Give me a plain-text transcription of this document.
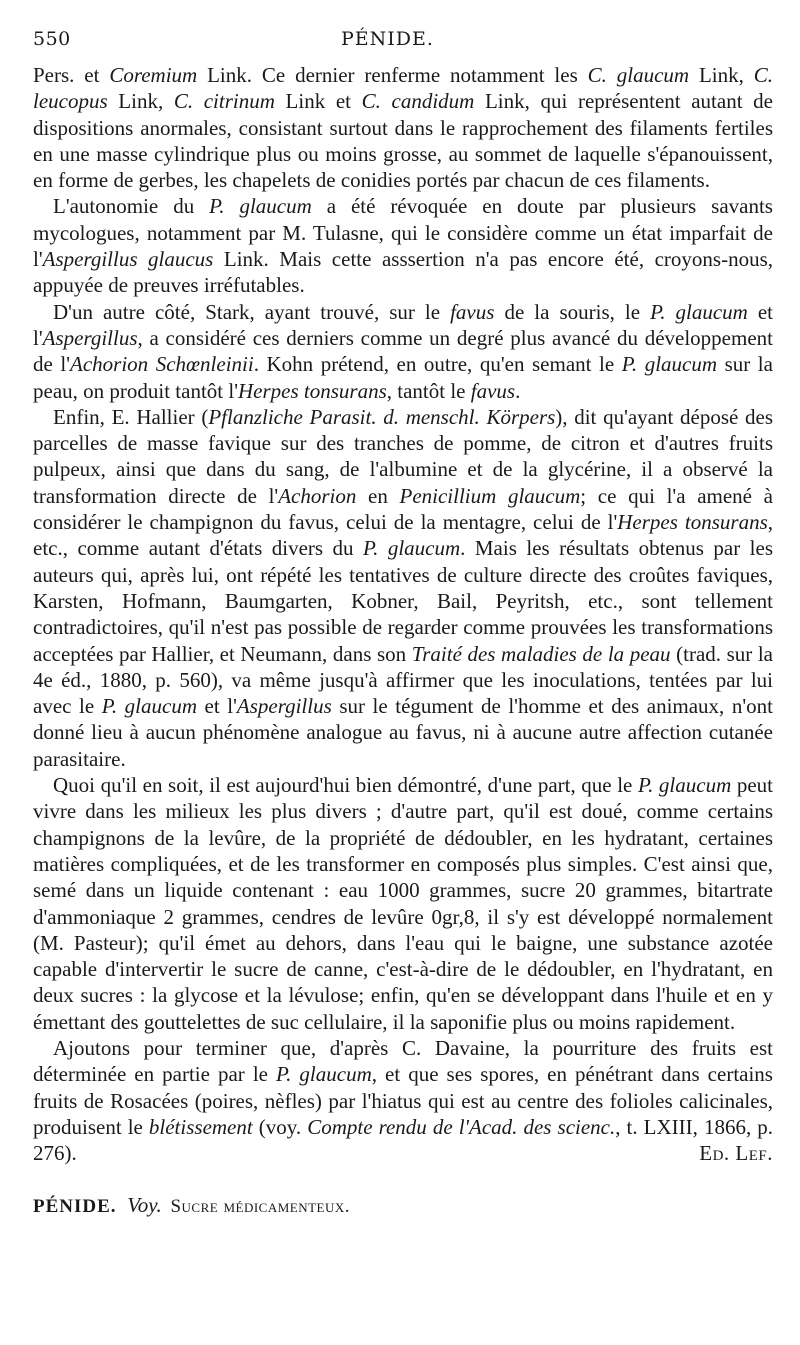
550	PÉNIDE.

Pers. et Coremium Link. Ce dernier renferme notamment les C. glaucum Link, C. leucopus Link, C. citrinum Link et C. candidum Link, qui représentent autant de dispositions anormales, consistant surtout dans le rapprochement des filaments fertiles en une masse cylindrique plus ou moins grosse, au sommet de laquelle s'épanouissent, en forme de gerbes, les chapelets de conidies portés par chacun de ces filaments.

L'autonomie du P. glaucum a été révoquée en doute par plusieurs savants mycologues, notamment par M. Tulasne, qui le considère comme un état imparfait de l'Aspergillus glaucus Link. Mais cette asssertion n'a pas encore été, croyons-nous, appuyée de preuves irréfutables.

D'un autre côté, Stark, ayant trouvé, sur le favus de la souris, le P. glaucum et l'Aspergillus, a considéré ces derniers comme un degré plus avancé du développement de l'Achorion Schœnleinii. Kohn prétend, en outre, qu'en semant le P. glaucum sur la peau, on produit tantôt l'Herpes tonsurans, tantôt le favus.

Enfin, E. Hallier (Pflanzliche Parasit. d. menschl. Körpers), dit qu'ayant déposé des parcelles de masse favique sur des tranches de pomme, de citron et d'autres fruits pulpeux, ainsi que dans du sang, de l'albumine et de la glycérine, il a observé la transformation directe de l'Achorion en Penicillium glaucum; ce qui l'a amené à considérer le champignon du favus, celui de la mentagre, celui de l'Herpes tonsurans, etc., comme autant d'états divers du P. glaucum. Mais les résultats obtenus par les auteurs qui, après lui, ont répété les tentatives de culture directe des croûtes faviques, Karsten, Hofmann, Baumgarten, Kobner, Bail, Peyritsh, etc., sont tellement contradictoires, qu'il n'est pas possible de regarder comme prouvées les transformations acceptées par Hallier, et Neumann, dans son Traité des maladies de la peau (trad. sur la 4e éd., 1880, p. 560), va même jusqu'à affirmer que les inoculations, tentées par lui avec le P. glaucum et l'Aspergillus sur le tégument de l'homme et des animaux, n'ont donné lieu à aucun phénomène analogue au favus, ni à aucune autre affection cutanée parasitaire.

Quoi qu'il en soit, il est aujourd'hui bien démontré, d'une part, que le P. glaucum peut vivre dans les milieux les plus divers ; d'autre part, qu'il est doué, comme certains champignons de la levûre, de la propriété de dédoubler, en les hydratant, certaines matières compliquées, et de les transformer en composés plus simples. C'est ainsi que, semé dans un liquide contenant : eau 1000 grammes, sucre 20 grammes, bitartrate d'ammoniaque 2 grammes, cendres de levûre 0gr,8, il s'y est développé normalement (M. Pasteur); qu'il émet au dehors, dans l'eau qui le baigne, une substance azotée capable d'intervertir le sucre de canne, c'est-à-dire de le dédoubler, en l'hydratant, en deux sucres : la glycose et la lévulose; enfin, qu'en se développant dans l'huile et en y émettant des gouttelettes de suc cellulaire, il la saponifie plus ou moins rapidement.

Ajoutons pour terminer que, d'après C. Davaine, la pourriture des fruits est déterminée en partie par le P. glaucum, et que ses spores, en pénétrant dans certains fruits de Rosacées (poires, nèfles) par l'hiatus qui est au centre des folioles calicinales, produisent le blétissement (voy. Compte rendu de l'Acad. des scienc., t. LXIII, 1866, p. 276).	Ed. Lef.

PÉNIDE. Voy. Sucre médicamenteux.
